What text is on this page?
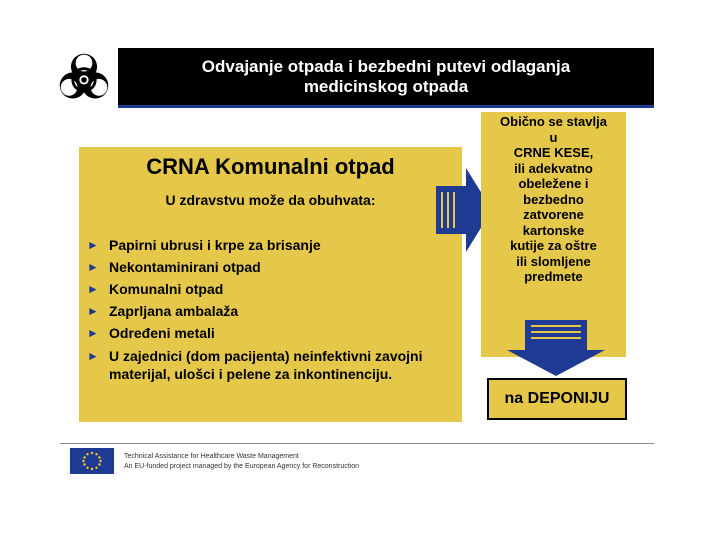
Odvajanje otpada i bezbedni putevi odlaganja
medicinskog otpada
CRNA Komunalni otpad
U zdravstvu može da obuhvata:
► Papirni ubrusi i krpe za brisanje
► Nekontaminirani otpad
► Komunalni otpad
► Zaprljana ambalaža
► Određeni metali
► U zajednici (dom pacijenta) neinfektivni zavojni materijal, ulošci i pelene za inkontinenciju.
Obično se stavlja
u
CRNE KESE,
ili adekvatno
obeležene i
bezbedno
zatvorene
kartonske
kutije za oštre
ili slomljene
predmete
na DEPONIJU
Technical Assistance for Healthcare Waste Management
An EU-funded project managed by the European Agency for Reconstruction
